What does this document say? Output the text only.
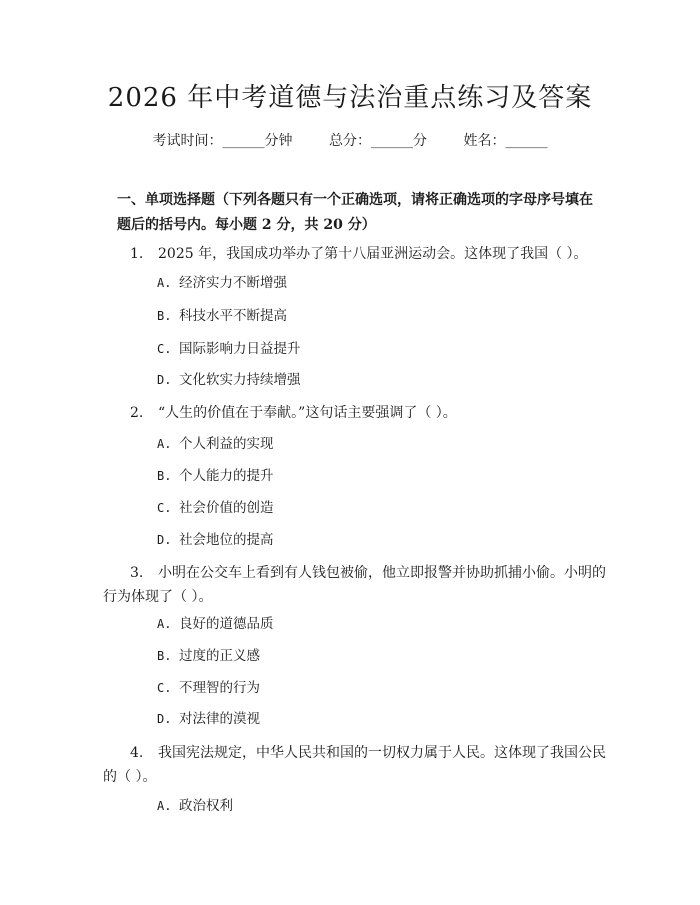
2026 年中考道德与法治重点练习及答案
考试时间：______分钟	总分：______分	姓名：______
一、单项选择题（下列各题只有一个正确选项，请将正确选项的字母序号填在题后的括号内。每小题 2 分，共 20 分）
1. 2025 年，我国成功举办了第十八届亚洲运动会。这体现了我国（ ）。
A. 经济实力不断增强
B. 科技水平不断提高
C. 国际影响力日益提升
D. 文化软实力持续增强
2. “人生的价值在于奉献。”这句话主要强调了（ ）。
A. 个人利益的实现
B. 个人能力的提升
C. 社会价值的创造
D. 社会地位的提高
3. 小明在公交车上看到有人钱包被偷，他立即报警并协助抓捕小偷。小明的
行为体现了（ ）。
A. 良好的道德品质
B. 过度的正义感
C. 不理智的行为
D. 对法律的漠视
4. 我国宪法规定，中华人民共和国的一切权力属于人民。这体现了我国公民
的（ ）。
A. 政治权利
